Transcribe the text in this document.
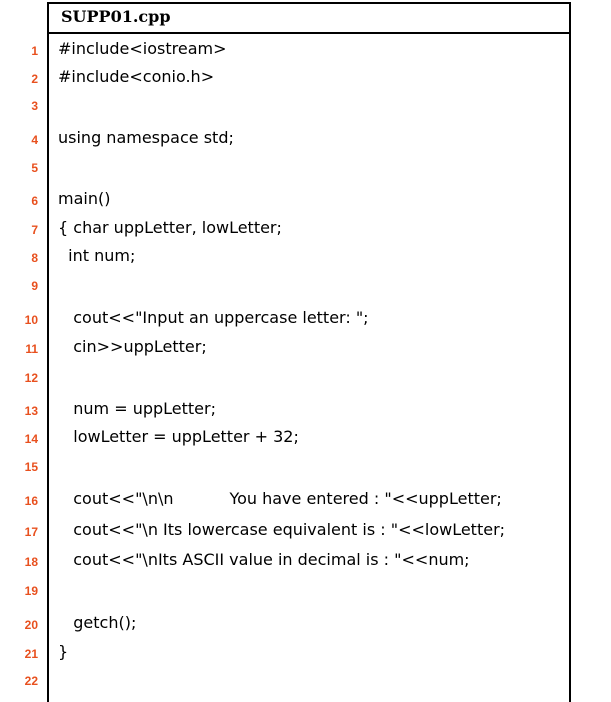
SUPP01.cpp
1 #include<iostream>
2 #include<conio.h>
3
4 using namespace std;
5
6 main()
7 { char uppLetter, lowLetter;
8 int num;
9
10 cout<<"Input an uppercase letter: ";
11 cin>>uppLetter;
12
13 num = uppLetter;
14 lowLetter = uppLetter + 32;
15
16 cout<<"\n\n           You have entered : "<<uppLetter;
17 cout<<"\n Its lowercase equivalent is : "<<lowLetter;
18 cout<<"\nIts ASCII value in decimal is : "<<num;
19
20 getch();
21 }
22
